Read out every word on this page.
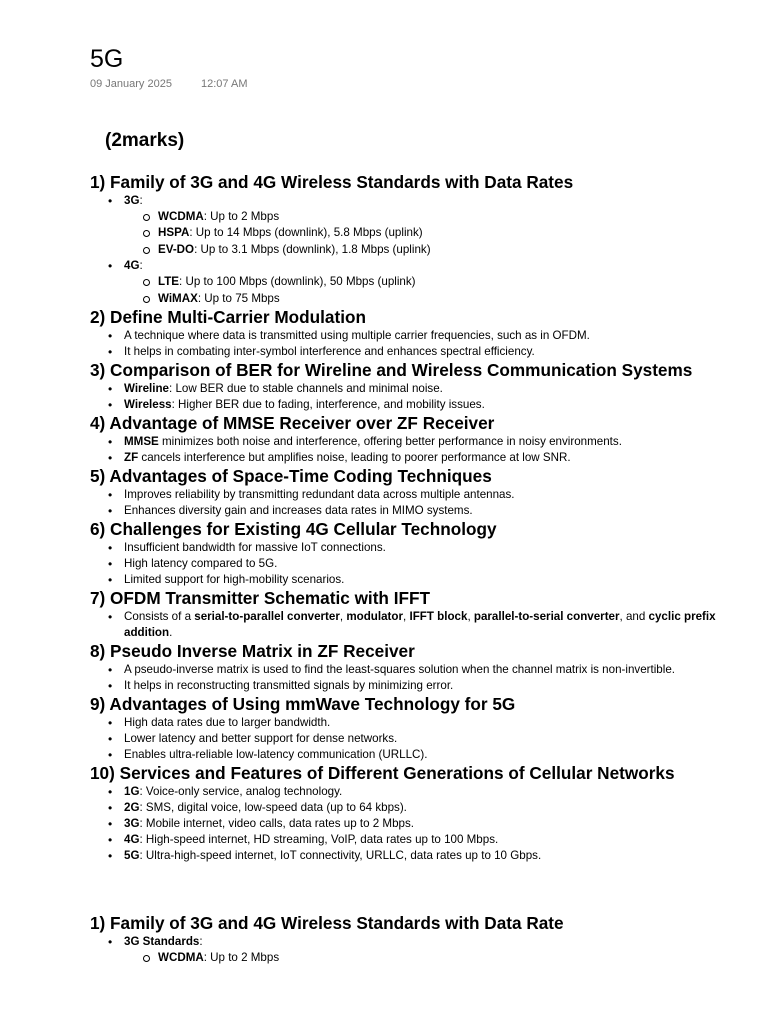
5G
09 January 2025	12:07 AM
(2marks)
1) Family of 3G and 4G Wireless Standards with Data Rates
• 3G:
WCDMA: Up to 2 Mbps
HSPA: Up to 14 Mbps (downlink), 5.8 Mbps (uplink)
EV-DO: Up to 3.1 Mbps (downlink), 1.8 Mbps (uplink)
• 4G:
LTE: Up to 100 Mbps (downlink), 50 Mbps (uplink)
WiMAX: Up to 75 Mbps
2) Define Multi-Carrier Modulation
• A technique where data is transmitted using multiple carrier frequencies, such as in OFDM.
• It helps in combating inter-symbol interference and enhances spectral efficiency.
3) Comparison of BER for Wireline and Wireless Communication Systems
• Wireline: Low BER due to stable channels and minimal noise.
• Wireless: Higher BER due to fading, interference, and mobility issues.
4) Advantage of MMSE Receiver over ZF Receiver
• MMSE minimizes both noise and interference, offering better performance in noisy environments.
• ZF cancels interference but amplifies noise, leading to poorer performance at low SNR.
5) Advantages of Space-Time Coding Techniques
• Improves reliability by transmitting redundant data across multiple antennas.
• Enhances diversity gain and increases data rates in MIMO systems.
6) Challenges for Existing 4G Cellular Technology
• Insufficient bandwidth for massive IoT connections.
• High latency compared to 5G.
• Limited support for high-mobility scenarios.
7) OFDM Transmitter Schematic with IFFT
• Consists of a serial-to-parallel converter, modulator, IFFT block, parallel-to-serial converter, and cyclic prefix addition.
8) Pseudo Inverse Matrix in ZF Receiver
• A pseudo-inverse matrix is used to find the least-squares solution when the channel matrix is non-invertible.
• It helps in reconstructing transmitted signals by minimizing error.
9) Advantages of Using mmWave Technology for 5G
• High data rates due to larger bandwidth.
• Lower latency and better support for dense networks.
• Enables ultra-reliable low-latency communication (URLLC).
10) Services and Features of Different Generations of Cellular Networks
• 1G: Voice-only service, analog technology.
• 2G: SMS, digital voice, low-speed data (up to 64 kbps).
• 3G: Mobile internet, video calls, data rates up to 2 Mbps.
• 4G: High-speed internet, HD streaming, VoIP, data rates up to 100 Mbps.
• 5G: Ultra-high-speed internet, IoT connectivity, URLLC, data rates up to 10 Gbps.
1) Family of 3G and 4G Wireless Standards with Data Rate
• 3G Standards:
WCDMA: Up to 2 Mbps
